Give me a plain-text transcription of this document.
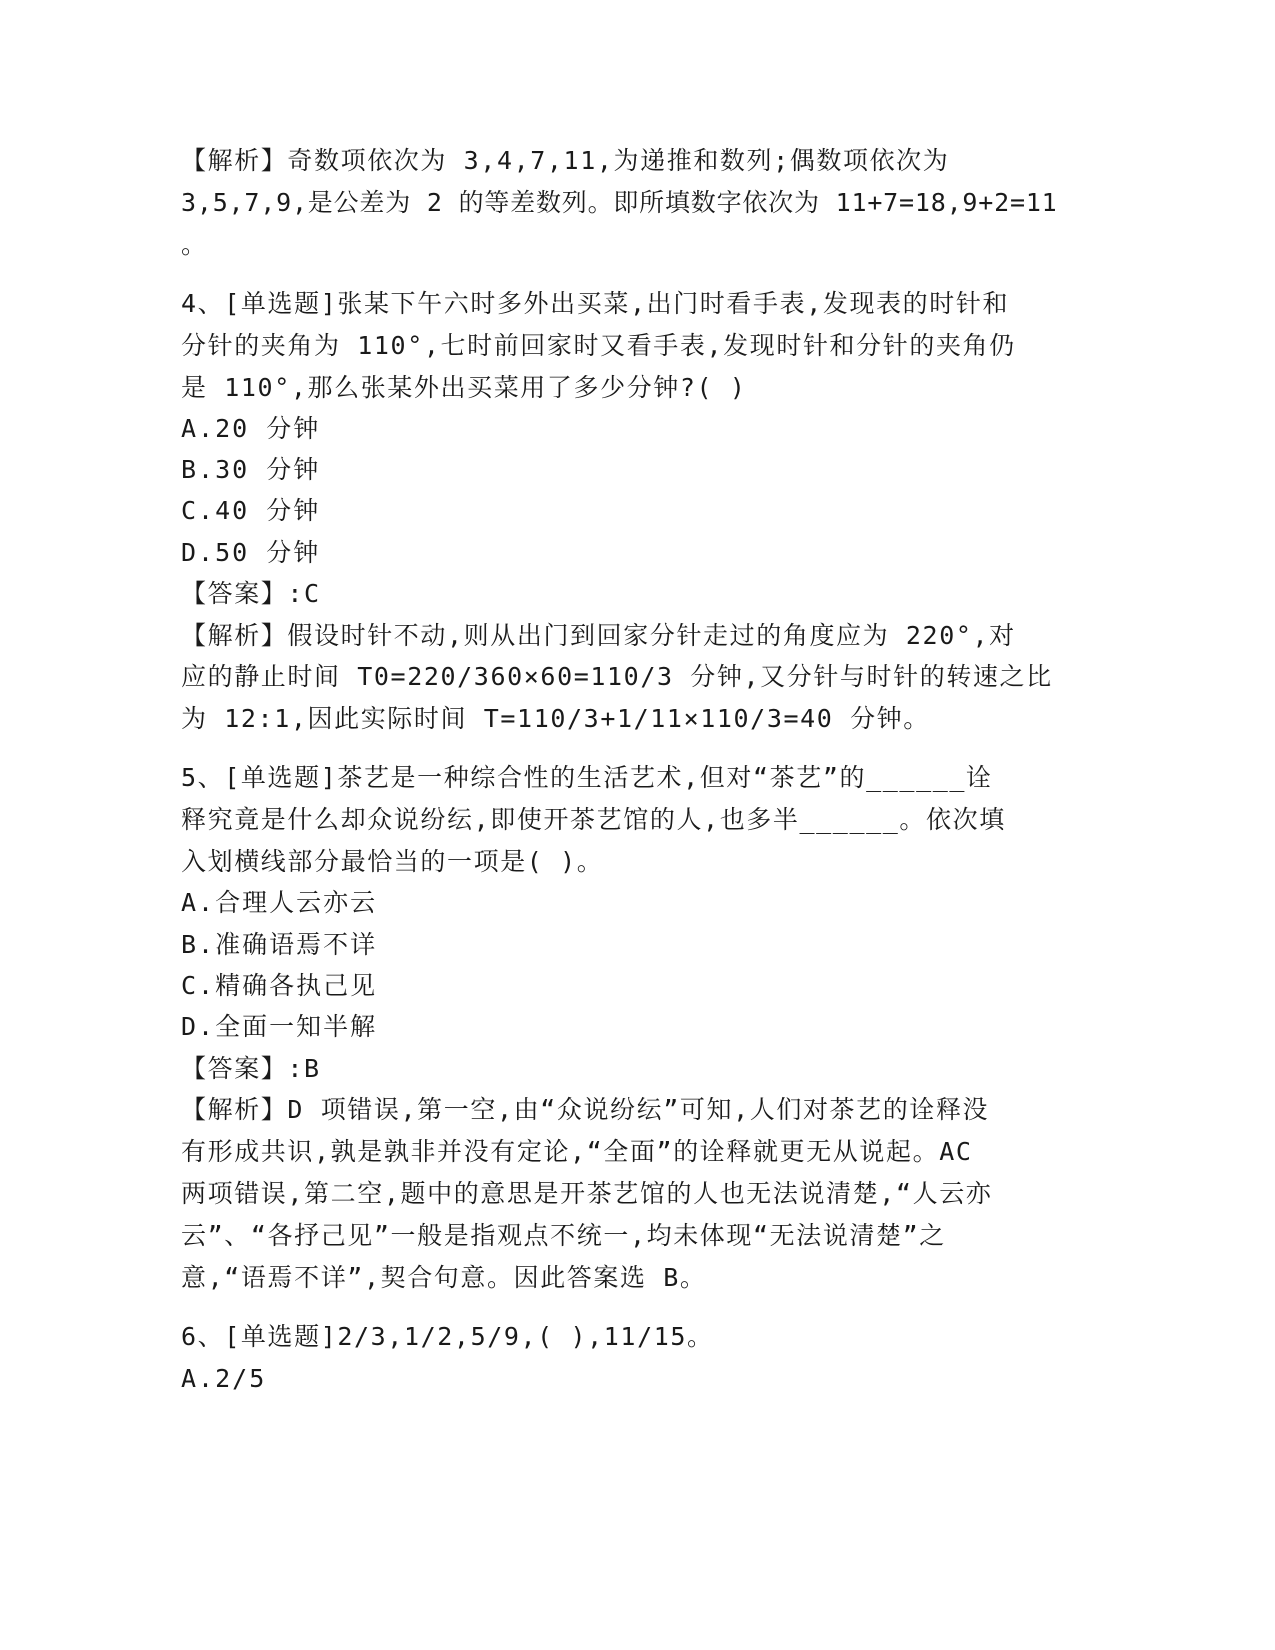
【解析】奇数项依次为 3,4,7,11,为递推和数列;偶数项依次为
3,5,7,9,是公差为 2 的等差数列。即所填数字依次为 11+7=18,9+2=11
。
4、[单选题]张某下午六时多外出买菜,出门时看手表,发现表的时针和
分针的夹角为 110°,七时前回家时又看手表,发现时针和分针的夹角仍
是 110°,那么张某外出买菜用了多少分钟?( )
A.20 分钟
B.30 分钟
C.40 分钟
D.50 分钟
【答案】:C
【解析】假设时针不动,则从出门到回家分针走过的角度应为 220°,对
应的静止时间 T0=220/360×60=110/3 分钟,又分针与时针的转速之比
为 12:1,因此实际时间 T=110/3+1/11×110/3=40 分钟。
5、[单选题]茶艺是一种综合性的生活艺术,但对“茶艺”的______诠
释究竟是什么却众说纷纭,即使开茶艺馆的人,也多半______。依次填
入划横线部分最恰当的一项是( )。
A.合理人云亦云
B.准确语焉不详
C.精确各执己见
D.全面一知半解
【答案】:B
【解析】D 项错误,第一空,由“众说纷纭”可知,人们对茶艺的诠释没
有形成共识,孰是孰非并没有定论,“全面”的诠释就更无从说起。AC
两项错误,第二空,题中的意思是开茶艺馆的人也无法说清楚,“人云亦
云”、“各抒己见”一般是指观点不统一,均未体现“无法说清楚”之
意,“语焉不详”,契合句意。因此答案选 B。
6、[单选题]2/3,1/2,5/9,( ),11/15。
A.2/5
